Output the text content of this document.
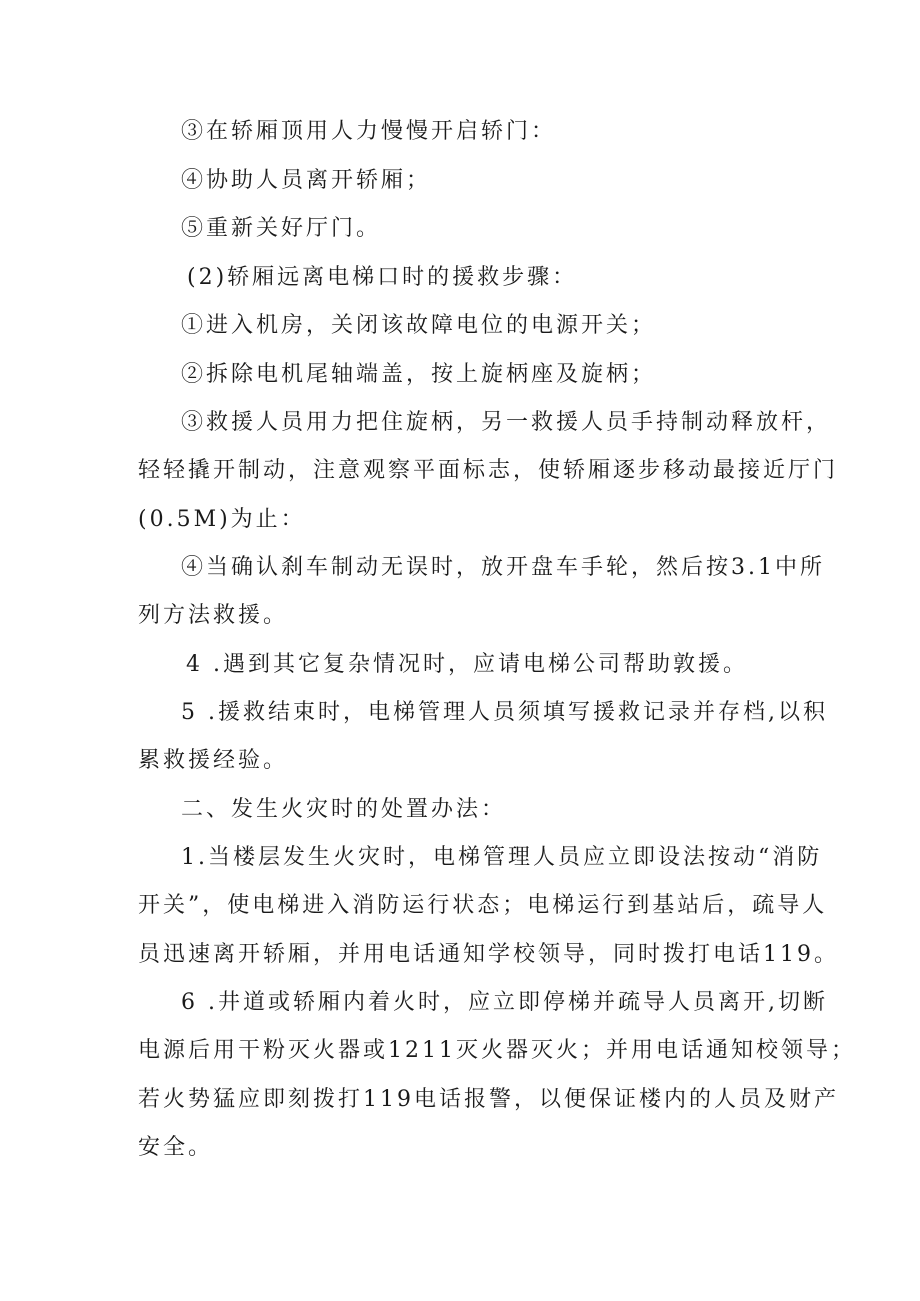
③在轿厢顶用人力慢慢开启轿门：
④协助人员离开轿厢；
⑤重新关好厅门。
(2)轿厢远离电梯口时的援救步骤：
①进入机房，关闭该故障电位的电源开关；
②拆除电机尾轴端盖，按上旋柄座及旋柄；
③救援人员用力把住旋柄，另一救援人员手持制动释放杆，
轻轻撬开制动，注意观察平面标志，使轿厢逐步移动最接近厅门
(0.5M)为止：
④当确认刹车制动无误时，放开盘车手轮，然后按3.1中所
列方法救援。
4 .遇到其它复杂情况时，应请电梯公司帮助敦援。
5 .援救结束时，电梯管理人员须填写援救记录并存档,以积
累救援经验。
二、发生火灾时的处置办法：
1.当楼层发生火灾时，电梯管理人员应立即设法按动“消防
开关”，使电梯进入消防运行状态；电梯运行到基站后，疏导人
员迅速离开轿厢，并用电话通知学校领导，同时拨打电话119。
6 .井道或轿厢内着火时，应立即停梯并疏导人员离开,切断
电源后用干粉灭火器或1211灭火器灭火；并用电话通知校领导；
若火势猛应即刻拨打119电话报警，以便保证楼内的人员及财产
安全。
